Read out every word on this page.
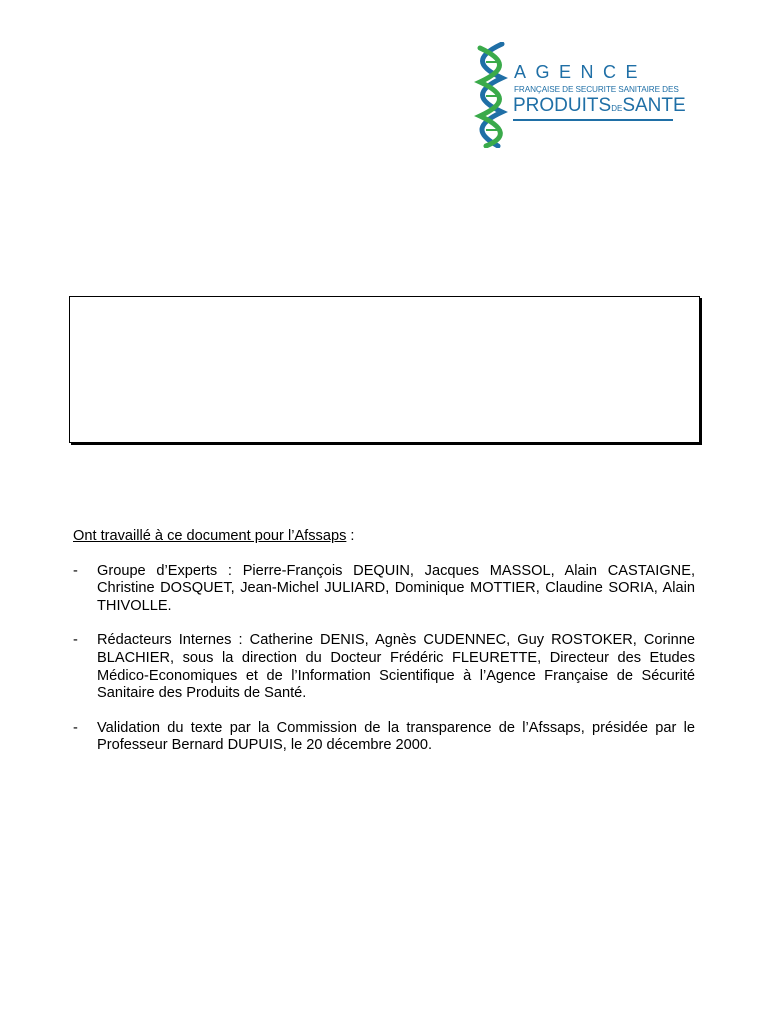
AGENCE
FRANÇAISE DE SECURITE SANITAIRE DES
PRODUITSDESANTE
Ont travaillé à ce document pour l’Afssaps :
- Groupe d’Experts : Pierre-François DEQUIN, Jacques MASSOL, Alain CASTAIGNE, Christine DOSQUET, Jean-Michel JULIARD, Dominique MOTTIER, Claudine SORIA, Alain THIVOLLE.
- Rédacteurs Internes : Catherine DENIS, Agnès CUDENNEC, Guy ROSTOKER, Corinne BLACHIER, sous la direction du Docteur Frédéric FLEURETTE, Directeur des Etudes Médico-Economiques et de l’Information Scientifique à l’Agence Française de Sécurité Sanitaire des Produits de Santé.
- Validation du texte par la Commission de la transparence de l’Afssaps, présidée par le Professeur Bernard DUPUIS, le 20 décembre 2000.
